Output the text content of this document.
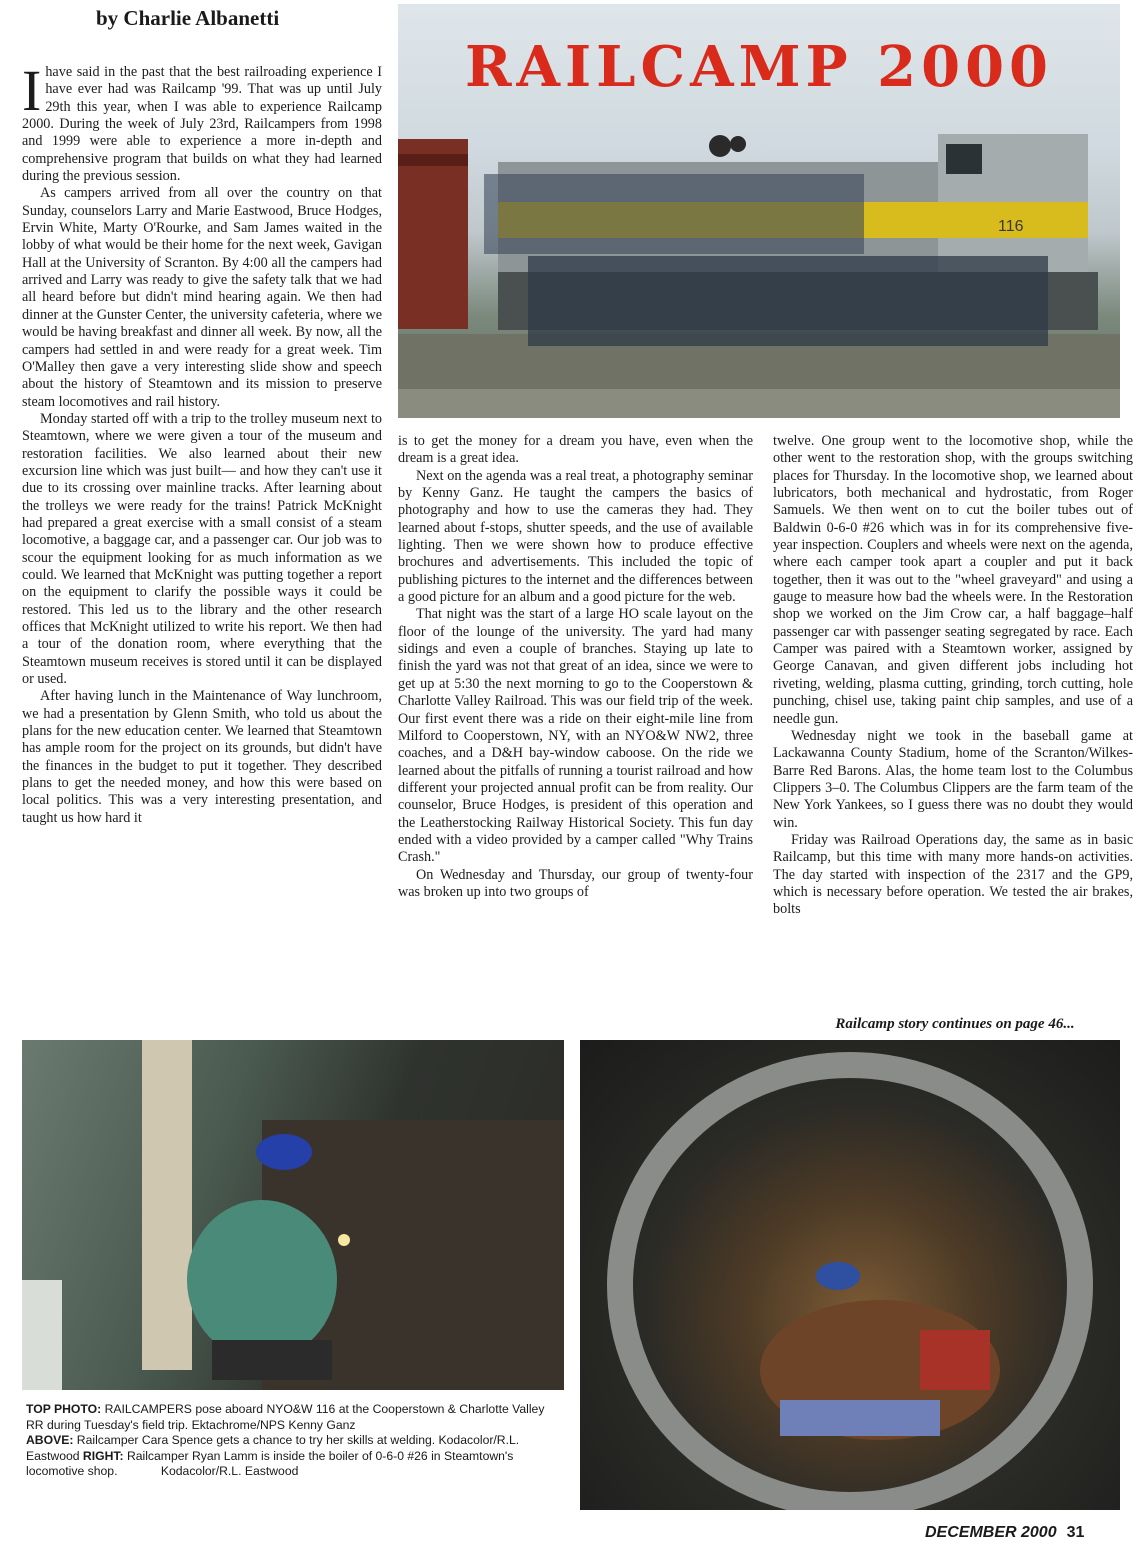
by Charlie Albanetti

Ihave said in the past that the best railroading experience I have ever had was Railcamp '99. That was up until July 29th this year, when I was able to experience Railcamp 2000. During the week of July 23rd, Railcampers from 1998 and 1999 were able to experience a more in-depth and comprehensive program that builds on what they had learned during the previous session.

As campers arrived from all over the country on that Sunday, counselors Larry and Marie Eastwood, Bruce Hodges, Ervin White, Marty O'Rourke, and Sam James waited in the lobby of what would be their home for the next week, Gavigan Hall at the University of Scranton. By 4:00 all the campers had arrived and Larry was ready to give the safety talk that we had all heard before but didn't mind hearing again. We then had dinner at the Gunster Center, the university cafeteria, where we would be having breakfast and dinner all week. By now, all the campers had settled in and were ready for a great week. Tim O'Malley then gave a very interesting slide show and speech about the history of Steamtown and its mission to preserve steam locomotives and rail history.

Monday started off with a trip to the trolley museum next to Steamtown, where we were given a tour of the museum and restoration facilities. We also learned about their new excursion line which was just built— and how they can't use it due to its crossing over mainline tracks. After learning about the trolleys we were ready for the trains! Patrick McKnight had prepared a great exercise with a small consist of a steam locomotive, a baggage car, and a passenger car. Our job was to scour the equipment looking for as much information as we could. We learned that McKnight was putting together a report on the equipment to clarify the possible ways it could be restored. This led us to the library and the other research offices that McKnight utilized to write his report. We then had a tour of the donation room, where everything that the Steamtown museum receives is stored until it can be displayed or used.

After having lunch in the Maintenance of Way lunchroom, we had a presentation by Glenn Smith, who told us about the plans for the new education center. We learned that Steamtown has ample room for the project on its grounds, but didn't have the finances in the budget to put it together. They described plans to get the needed money, and how this were based on local politics. This was a very interesting presentation, and taught us how hard it

116
RAILCAMP 2000

is to get the money for a dream you have, even when the dream is a great idea.

Next on the agenda was a real treat, a photography seminar by Kenny Ganz. He taught the campers the basics of photography and how to use the cameras they had. They learned about f-stops, shutter speeds, and the use of available lighting. Then we were shown how to produce effective brochures and advertisements. This included the topic of publishing pictures to the internet and the differences between a good picture for an album and a good picture for the web.

That night was the start of a large HO scale layout on the floor of the lounge of the university. The yard had many sidings and even a couple of branches. Staying up late to finish the yard was not that great of an idea, since we were to get up at 5:30 the next morning to go to the Cooperstown & Charlotte Valley Railroad. This was our field trip of the week. Our first event there was a ride on their eight-mile line from Milford to Cooperstown, NY, with an NYO&W NW2, three coaches, and a D&H bay-window caboose. On the ride we learned about the pitfalls of running a tourist railroad and how different your projected annual profit can be from reality. Our counselor, Bruce Hodges, is president of this operation and the Leatherstocking Railway Historical Society. This fun day ended with a video provided by a camper called "Why Trains Crash."

On Wednesday and Thursday, our group of twenty-four was broken up into two groups of

twelve. One group went to the locomotive shop, while the other went to the restoration shop, with the groups switching places for Thursday. In the locomotive shop, we learned about lubricators, both mechanical and hydrostatic, from Roger Samuels. We then went on to cut the boiler tubes out of Baldwin 0-6-0 #26 which was in for its comprehensive five-year inspection. Couplers and wheels were next on the agenda, where each camper took apart a coupler and put it back together, then it was out to the "wheel graveyard" and using a gauge to measure how bad the wheels were. In the Restoration shop we worked on the Jim Crow car, a half baggage–half passenger car with passenger seating segregated by race. Each Camper was paired with a Steamtown worker, assigned by George Canavan, and given different jobs including hot riveting, welding, plasma cutting, grinding, torch cutting, hole punching, chisel use, taking paint chip samples, and use of a needle gun.

Wednesday night we took in the baseball game at Lackawanna County Stadium, home of the Scranton/Wilkes-Barre Red Barons. Alas, the home team lost to the Columbus Clippers 3–0. The Columbus Clippers are the farm team of the New York Yankees, so I guess there was no doubt they would win.

Friday was Railroad Operations day, the same as in basic Railcamp, but this time with many more hands-on activities. The day started with inspection of the 2317 and the GP9, which is necessary before operation. We tested the air brakes, bolts

Railcamp story continues on page 46...
TOP PHOTO: RAILCAMPERS pose aboard NYO&W 116 at the Cooperstown & Charlotte Valley RR during Tuesday's field trip. Ektachrome/NPS Kenny Ganz
ABOVE: Railcamper Cara Spence gets a chance to try her skills at welding. Kodacolor/R.L. Eastwood RIGHT: Railcamper Ryan Lamm is inside the boiler of 0-6-0 #26 in Steamtown's locomotive shop.	Kodacolor/R.L. Eastwood
DECEMBER 2000 31
